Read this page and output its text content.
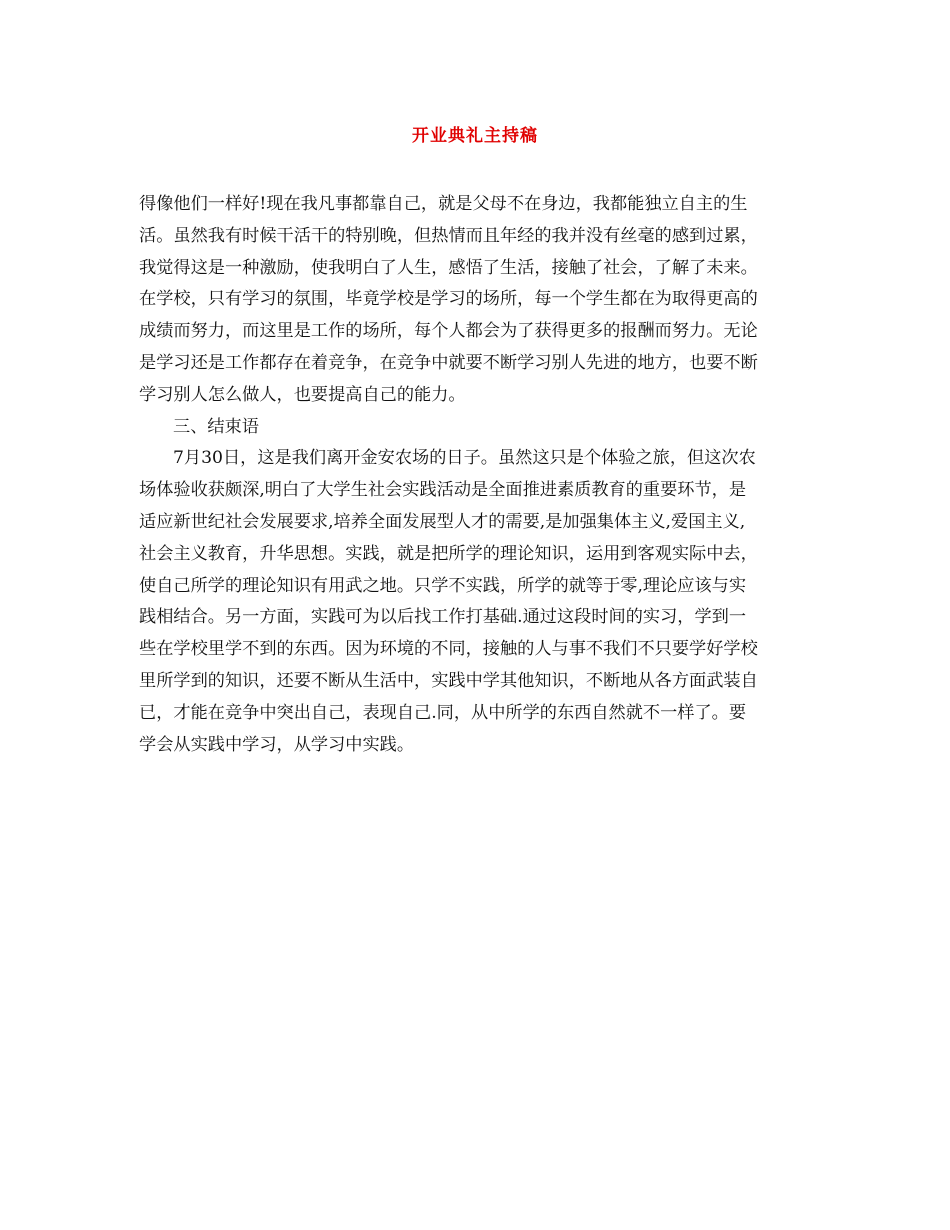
开业典礼主持稿
得像他们一样好!现在我凡事都靠自己，就是父母不在身边，我都能独立自主的生
活。虽然我有时候干活干的特别晚，但热情而且年经的我并没有丝毫的感到过累，
我觉得这是一种激励，使我明白了人生，感悟了生活，接触了社会，了解了未来。
在学校，只有学习的氛围，毕竟学校是学习的场所，每一个学生都在为取得更高的
成绩而努力，而这里是工作的场所，每个人都会为了获得更多的报酬而努力。无论
是学习还是工作都存在着竞争，在竞争中就要不断学习别人先进的地方，也要不断
学习别人怎么做人，也要提高自己的能力。
三、结束语
7月30日，这是我们离开金安农场的日子。虽然这只是个体验之旅，但这次农
场体验收获颇深,明白了大学生社会实践活动是全面推进素质教育的重要环节，是
适应新世纪社会发展要求,培养全面发展型人才的需要,是加强集体主义,爱国主义,
社会主义教育，升华思想。实践，就是把所学的理论知识，运用到客观实际中去，
使自己所学的理论知识有用武之地。只学不实践，所学的就等于零,理论应该与实
践相结合。另一方面，实践可为以后找工作打基础.通过这段时间的实习，学到一
些在学校里学不到的东西。因为环境的不同，接触的人与事不我们不只要学好学校
里所学到的知识，还要不断从生活中，实践中学其他知识，不断地从各方面武装自
已，才能在竞争中突出自己，表现自己.同，从中所学的东西自然就不一样了。要
学会从实践中学习，从学习中实践。
